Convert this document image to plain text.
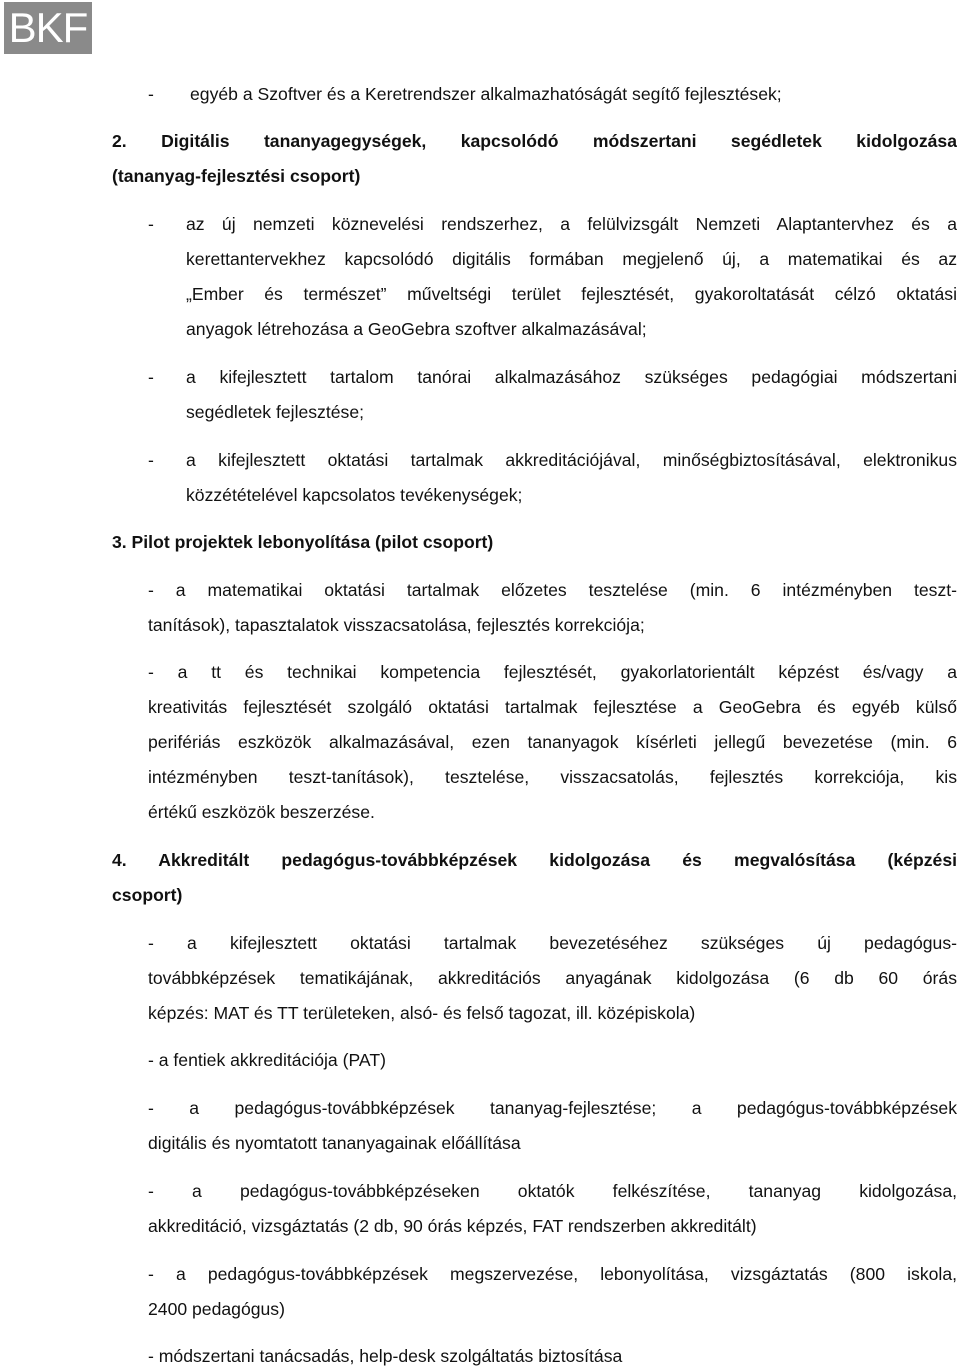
BKF
- egyéb a Szoftver és a Keretrendszer alkalmazhatóságát segítő fejlesztések;
2. Digitális tananyagegységek, kapcsolódó módszertani segédletek kidolgozása
(tananyag-fejlesztési csoport)
- az új nemzeti köznevelési rendszerhez, a felülvizsgált Nemzeti Alaptantervhez és a
kerettantervekhez kapcsolódó digitális formában megjelenő új, a matematikai és az
„Ember és természet” műveltségi terület fejlesztését, gyakoroltatását célzó oktatási
anyagok létrehozása a GeoGebra szoftver alkalmazásával;
- a kifejlesztett tartalom tanórai alkalmazásához szükséges pedagógiai módszertani
segédletek fejlesztése;
- a kifejlesztett oktatási tartalmak akkreditációjával, minőségbiztosításával, elektronikus
közzétételével kapcsolatos tevékenységek;
3. Pilot projektek lebonyolítása (pilot csoport)
- a matematikai oktatási tartalmak előzetes tesztelése (min. 6 intézményben teszt-
tanítások), tapasztalatok visszacsatolása, fejlesztés korrekciója;
- a tt és technikai kompetencia fejlesztését, gyakorlatorientált képzést és/vagy a
kreativitás fejlesztését szolgáló oktatási tartalmak fejlesztése a GeoGebra és egyéb külső
perifériás eszközök alkalmazásával, ezen tananyagok kísérleti jellegű bevezetése (min. 6
intézményben teszt-tanítások), tesztelése, visszacsatolás, fejlesztés korrekciója, kis
értékű eszközök beszerzése.
4. Akkreditált pedagógus-továbbképzések kidolgozása és megvalósítása (képzési
csoport)
- a kifejlesztett oktatási tartalmak bevezetéséhez szükséges új pedagógus-
továbbképzések tematikájának, akkreditációs anyagának kidolgozása (6 db 60 órás
képzés: MAT és TT területeken, alsó- és felső tagozat, ill. középiskola)
- a fentiek akkreditációja (PAT)
- a pedagógus-továbbképzések tananyag-fejlesztése; a pedagógus-továbbképzések
digitális és nyomtatott tananyagainak előállítása
- a pedagógus-továbbképzéseken oktatók felkészítése, tananyag kidolgozása,
akkreditáció, vizsgáztatás (2 db, 90 órás képzés, FAT rendszerben akkreditált)
- a pedagógus-továbbképzések megszervezése, lebonyolítása, vizsgáztatás (800 iskola,
2400 pedagógus)
- módszertani tanácsadás, help-desk szolgáltatás biztosítása
